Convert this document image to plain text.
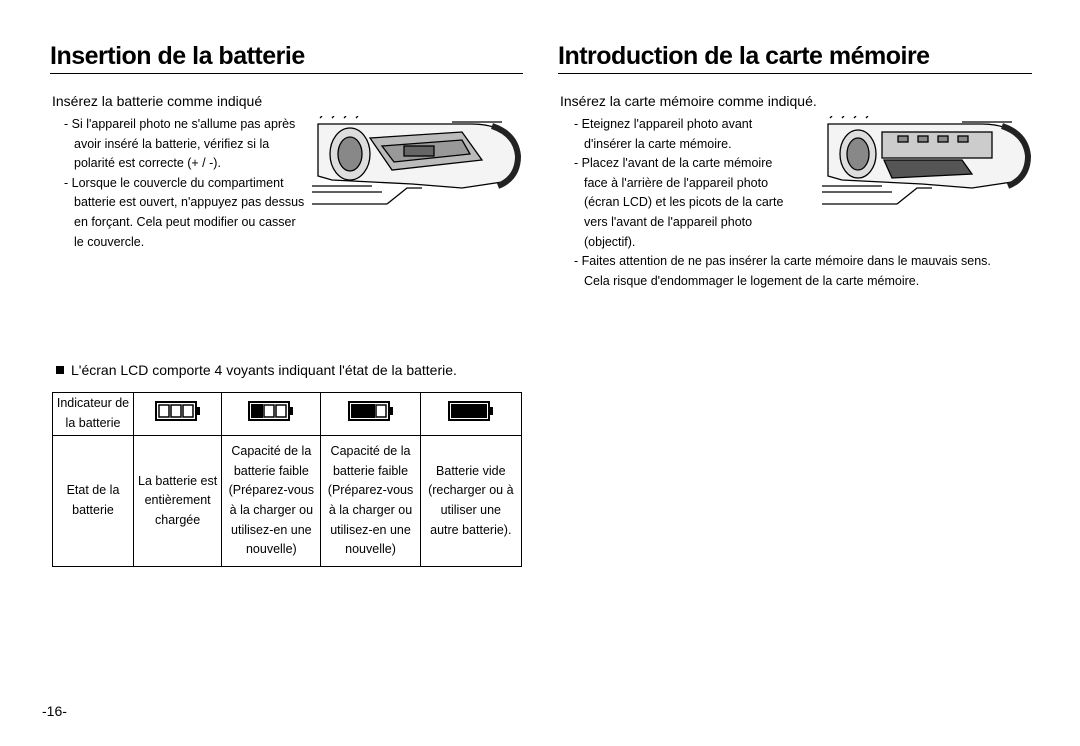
Insertion de la batterie
Insérez la batterie comme indiqué
- Si l'appareil photo ne s'allume pas après avoir inséré la batterie, vérifiez si la polarité est correcte (+ / -).
- Lorsque le couvercle du compartiment batterie est ouvert, n'appuyez pas dessus en forçant. Cela peut modifier ou casser le couvercle.
L'écran LCD comporte 4 voyants indiquant l'état de la batterie.
Indicateur de la batterie				

Etat de la batterie	La batterie est entièrement chargée	Capacité de la batterie faible (Préparez-vous à la charger ou utilisez-en une nouvelle)	Capacité de la batterie faible (Préparez-vous à la charger ou utilisez-en une nouvelle)	Batterie vide (recharger ou à utiliser une autre batterie).
Introduction de la carte mémoire
Insérez la carte mémoire comme indiqué.
- Eteignez l'appareil photo avant d'insérer la carte mémoire.
- Placez l'avant de la carte mémoire face à l'arrière de l'appareil photo (écran LCD) et les picots de la carte vers l'avant de l'appareil photo (objectif).
- Faites attention de ne pas insérer la carte mémoire dans le mauvais sens. Cela risque d'endommager le logement de la carte mémoire.
-16-
